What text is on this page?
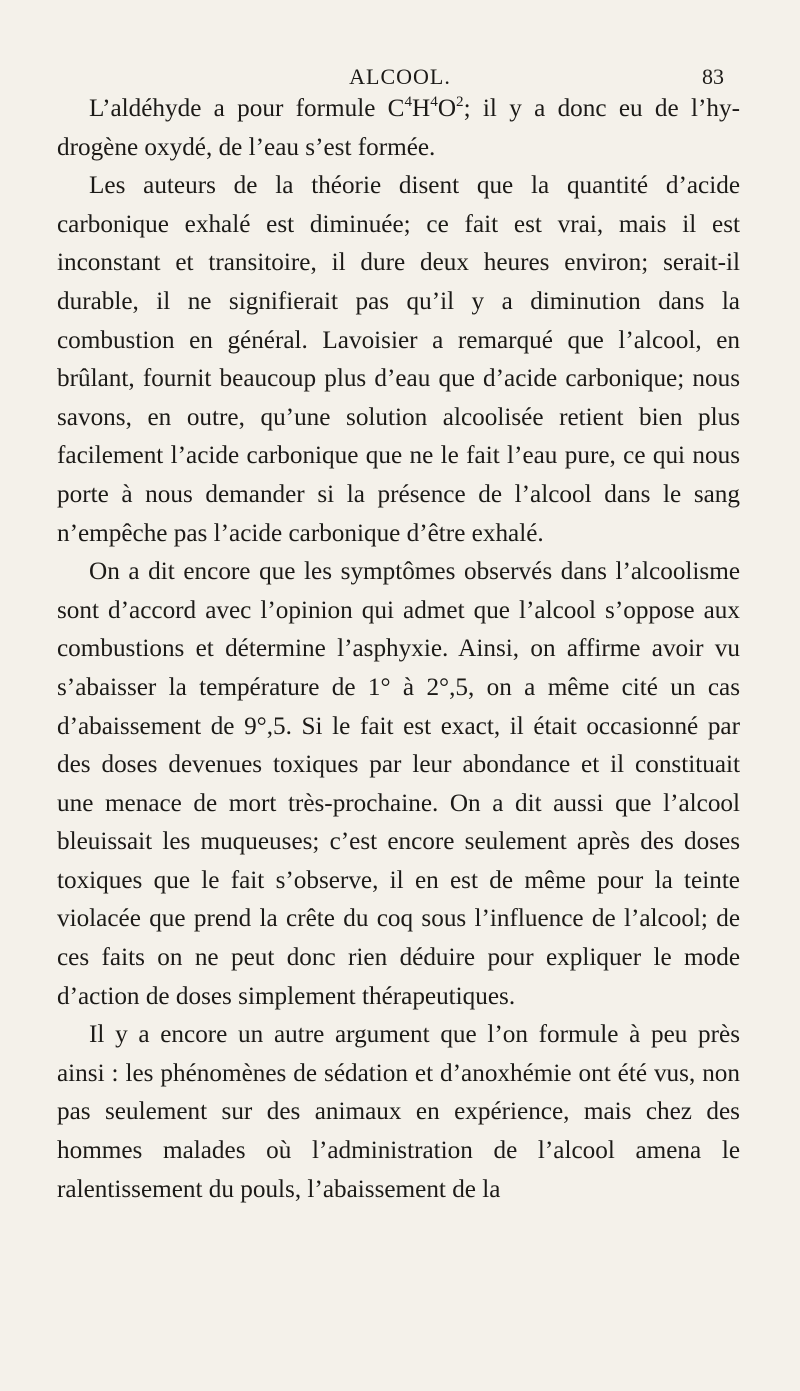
ALCOOL.	83

L’aldéhyde a pour formule $C^4H^4O^2$; il y a donc eu de l’hydrogène oxydé, de l’eau s’est formée.

Les auteurs de la théorie disent que la quantité d’acide carbonique exhalé est diminuée; ce fait est vrai, mais il est inconstant et transitoire, il dure deux heures environ; serait-il durable, il ne signifierait pas qu’il y a diminution dans la combustion en général. Lavoisier a remarqué que l’alcool, en brûlant, fournit beaucoup plus d’eau que d’acide carbonique; nous savons, en outre, qu’une solution alcoolisée retient bien plus facilement l’acide carbonique que ne le fait l’eau pure, ce qui nous porte à nous demander si la présence de l’alcool dans le sang n’empêche pas l’acide carbonique d’être exhalé.

On a dit encore que les symptômes observés dans l’alcoolisme sont d’accord avec l’opinion qui admet que l’alcool s’oppose aux combustions et détermine l’asphyxie. Ainsi, on affirme avoir vu s’abaisser la température de 1° à 2°,5, on a même cité un cas d’abaissement de 9°,5. Si le fait est exact, il était occasionné par des doses devenues toxiques par leur abondance et il constituait une menace de mort très-prochaine. On a dit aussi que l’alcool bleuissait les muqueuses; c’est encore seulement après des doses toxiques que le fait s’observe, il en est de même pour la teinte violacée que prend la crête du coq sous l’influence de l’alcool; de ces faits on ne peut donc rien déduire pour expliquer le mode d’action de doses simplement thérapeutiques.

Il y a encore un autre argument que l’on formule à peu près ainsi : les phénomènes de sédation et d’anoxhémie ont été vus, non pas seulement sur des animaux en expérience, mais chez des hommes malades où l’administration de l’alcool amena le ralentissement du pouls, l’abaissement de la
